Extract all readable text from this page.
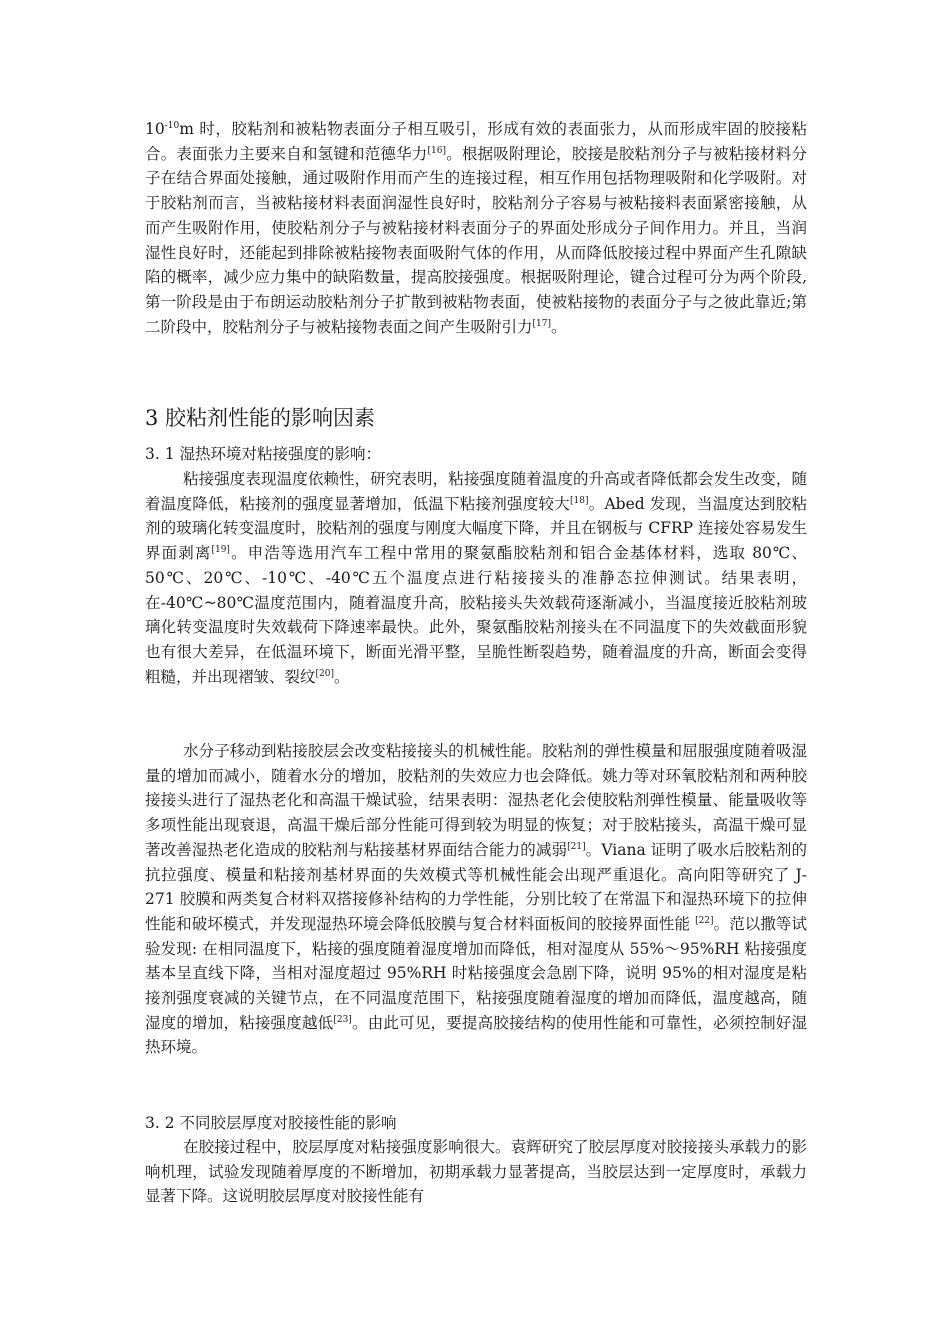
$10^{-10}m$ 时，胶粘剂和被粘物表面分子相互吸引，形成有效的表面张力，从而形成牢固的胶接粘合。表面张力主要来自和氢键和范德华力[16]。根据吸附理论，胶接是胶粘剂分子与被粘接材料分子在结合界面处接触，通过吸附作用而产生的连接过程，相互作用包括物理吸附和化学吸附。对于胶粘剂而言，当被粘接材料表面润湿性良好时，胶粘剂分子容易与被粘接料表面紧密接触，从而产生吸附作用，使胶粘剂分子与被粘接材料表面分子的界面处形成分子间作用力。并且，当润湿性良好时，还能起到排除被粘接物表面吸附气体的作用，从而降低胶接过程中界面产生孔隙缺陷的概率，减少应力集中的缺陷数量，提高胶接强度。根据吸附理论，键合过程可分为两个阶段,第一阶段是由于布朗运动胶粘剂分子扩散到被粘物表面，使被粘接物的表面分子与之彼此靠近;第二阶段中，胶粘剂分子与被粘接物表面之间产生吸附引力[17]。

3 胶粘剂性能的影响因素
3. 1 湿热环境对粘接强度的影响：

粘接强度表现温度依赖性，研究表明，粘接强度随着温度的升高或者降低都会发生改变，随着温度降低，粘接剂的强度显著增加，低温下粘接剂强度较大[18]。Abed 发现，当温度达到胶粘剂的玻璃化转变温度时，胶粘剂的强度与刚度大幅度下降，并且在钢板与 CFRP 连接处容易发生界面剥离[19]。申浩等选用汽车工程中常用的聚氨酯胶粘剂和铝合金基体材料，选取 80℃、50℃、20℃、-10℃、-40℃五个温度点进行粘接接头的准静态拉伸测试。结果表明，在-40℃~80℃温度范围内，随着温度升高，胶粘接头失效载荷逐渐减小，当温度接近胶粘剂玻璃化转变温度时失效载荷下降速率最快。此外，聚氨酯胶粘剂接头在不同温度下的失效截面形貌也有很大差异，在低温环境下，断面光滑平整，呈脆性断裂趋势，随着温度的升高，断面会变得粗糙，并出现褶皱、裂纹[20]。

水分子移动到粘接胶层会改变粘接接头的机械性能。胶粘剂的弹性模量和屈服强度随着吸湿量的增加而减小，随着水分的增加，胶粘剂的失效应力也会降低。姚力等对环氧胶粘剂和两种胶接接头进行了湿热老化和高温干燥试验，结果表明：湿热老化会使胶粘剂弹性模量、能量吸收等多项性能出现衰退，高温干燥后部分性能可得到较为明显的恢复；对于胶粘接头，高温干燥可显著改善湿热老化造成的胶粘剂与粘接基材界面结合能力的减弱[21]。Viana 证明了吸水后胶粘剂的抗拉强度、模量和粘接剂基材界面的失效模式等机械性能会出现严重退化。高向阳等研究了 J-271 胶膜和两类复合材料双搭接修补结构的力学性能，分别比较了在常温下和湿热环境下的拉伸性能和破坏模式，并发现湿热环境会降低胶膜与复合材料面板间的胶接界面性能 [22]。范以撒等试验发现: 在相同温度下，粘接的强度随着湿度增加而降低，相对湿度从 55%～95%RH 粘接强度基本呈直线下降，当相对湿度超过 95%RH 时粘接强度会急剧下降，说明 95%的相对湿度是粘接剂强度衰减的关键节点，在不同温度范围下，粘接强度随着湿度的增加而降低，温度越高，随湿度的增加，粘接强度越低[23]。由此可见，要提高胶接结构的使用性能和可靠性，必须控制好湿热环境。

3. 2 不同胶层厚度对胶接性能的影响

在胶接过程中，胶层厚度对粘接强度影响很大。袁辉研究了胶层厚度对胶接接头承载力的影响机理，试验发现随着厚度的不断增加，初期承载力显著提高，当胶层达到一定厚度时，承载力显著下降。这说明胶层厚度对胶接性能有
